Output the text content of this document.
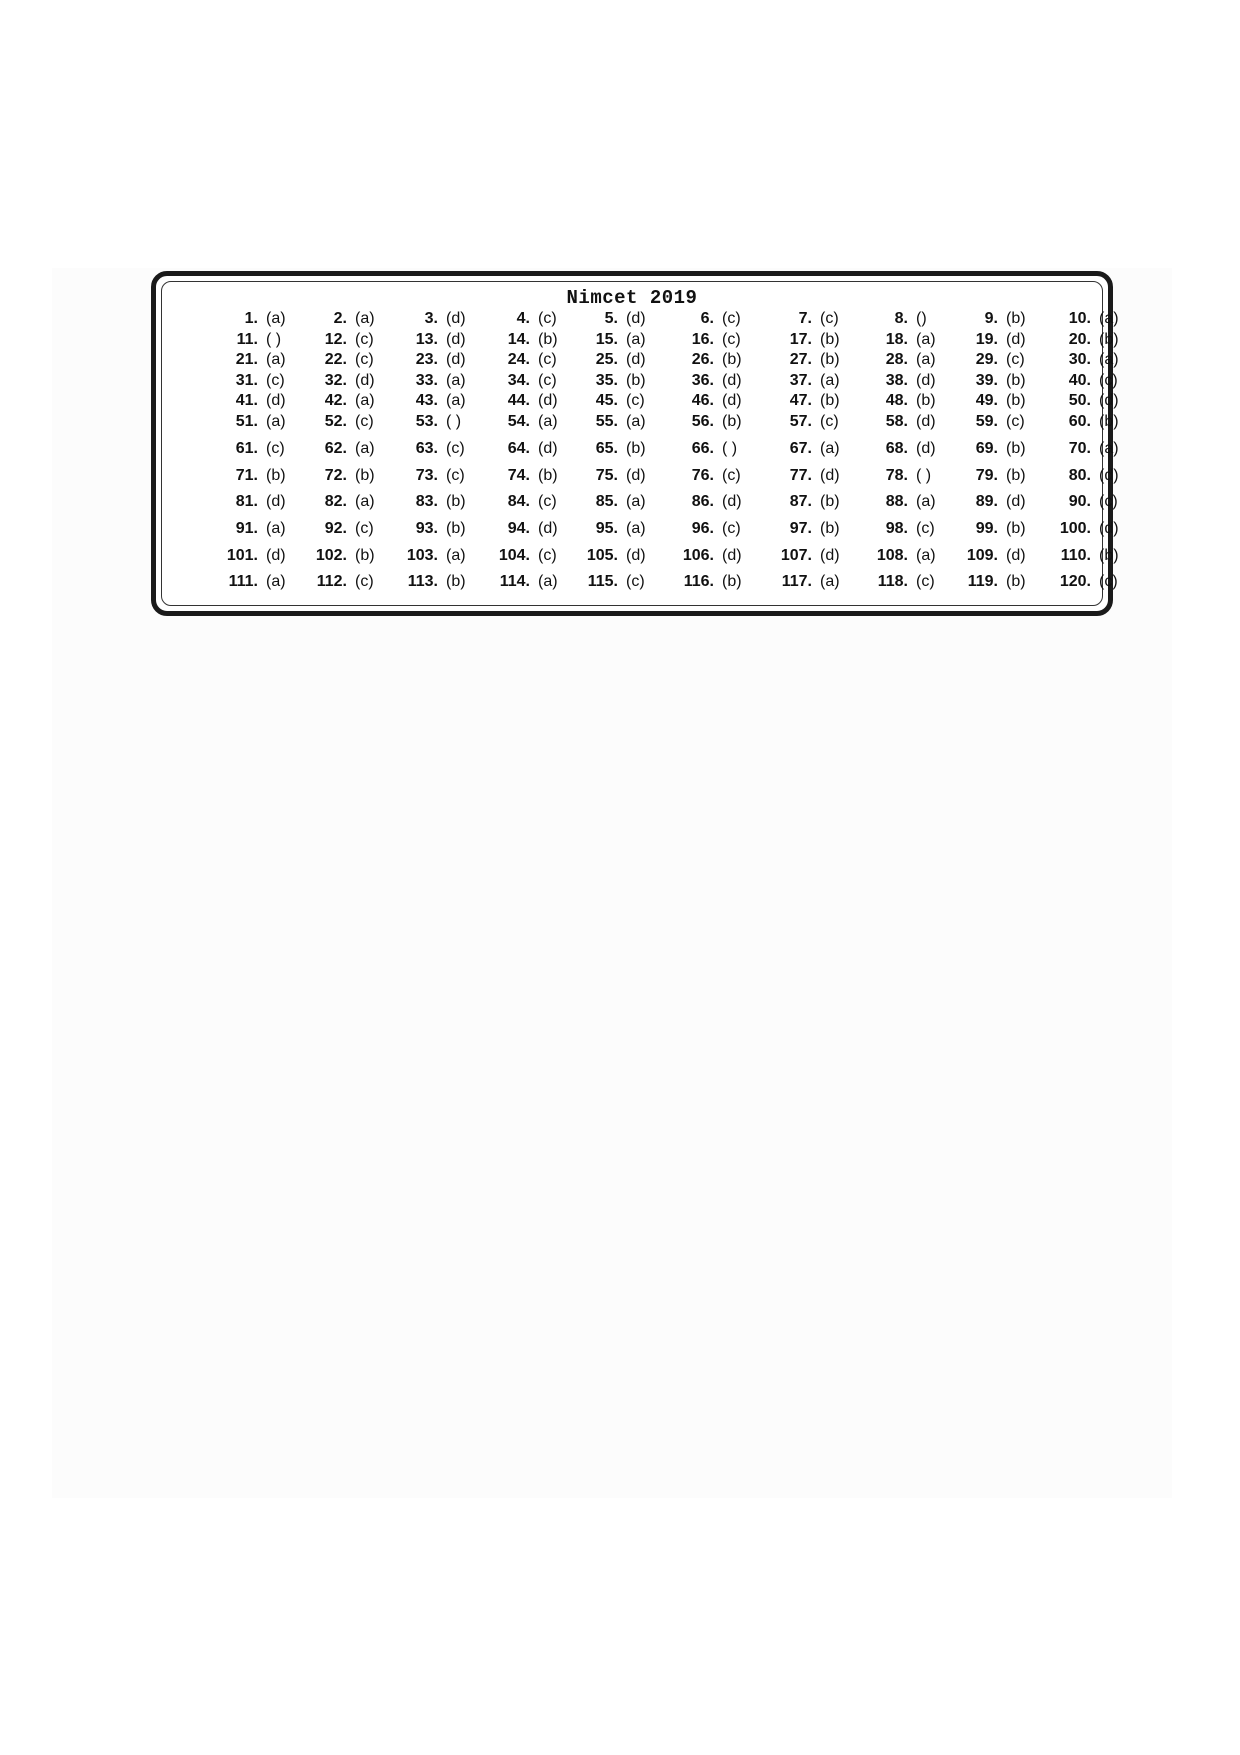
Nimcet 2019
1. (a)	2. (a)	3. (d)	4. (c)	5. (d)	6. (c)	7. (c)	8. ()	9. (b)	10. (a)
11. ( )	12. (c)	13. (d)	14. (b) 15. (a)	16. (c)	17. (b)	18. (a)	19. (d)	20. (b)
21. (a) 22. (c)	23. (d)	24. (c) 25. (d)	26. (b)	27. (b)	28. (a)	29. (c)	30. (a)
31. (c)	32. (d)	33. (a)	34. (c) 35. (b)	36. (d)	37. (a)	38. (d)	39. (b)	40. (c)
41. (d) 42. (a)	43. (a)	44. (d) 45. (c)	46. (d)	47. (b)	48. (b)	49. (b)	50. (d)
51. (a) 52. (c)	53. ( )	54. (a) 55. (a)	56. (b)	57. (c)	58. (d)	59. (c)	60. (b)
61. (c)	62. (a)	63. (c)	64. (d) 65. (b)	66. ( )	67. (a)	68. (d)	69. (b)	70. (a)
71. (b) 72. (b)	73. (c)	74. (b) 75. (d)	76. (c)	77. (d)	78. ( )	79. (b)	80. (d)
81. (d) 82. (a)	83. (b)	84. (c) 85. (a)	86. (d)	87. (b)	88. (a)	89. (d)	90. (c)
91. (a) 92. (c)	93. (b)	94. (d) 95. (a)	96. (c)	97. (b)	98. (c)	99. (b) 100. (d)
101. (d) 102. (b) 103. (a) 104. (c) 105. (d) 106. (d) 107. (d) 108. (a) 109. (d) 110. (b)
111. (a) 112. (c) 113. (b) 114. (a) 115. (c) 116. (b)	117. (a) 118. (c) 119. (b) 120. (c)
